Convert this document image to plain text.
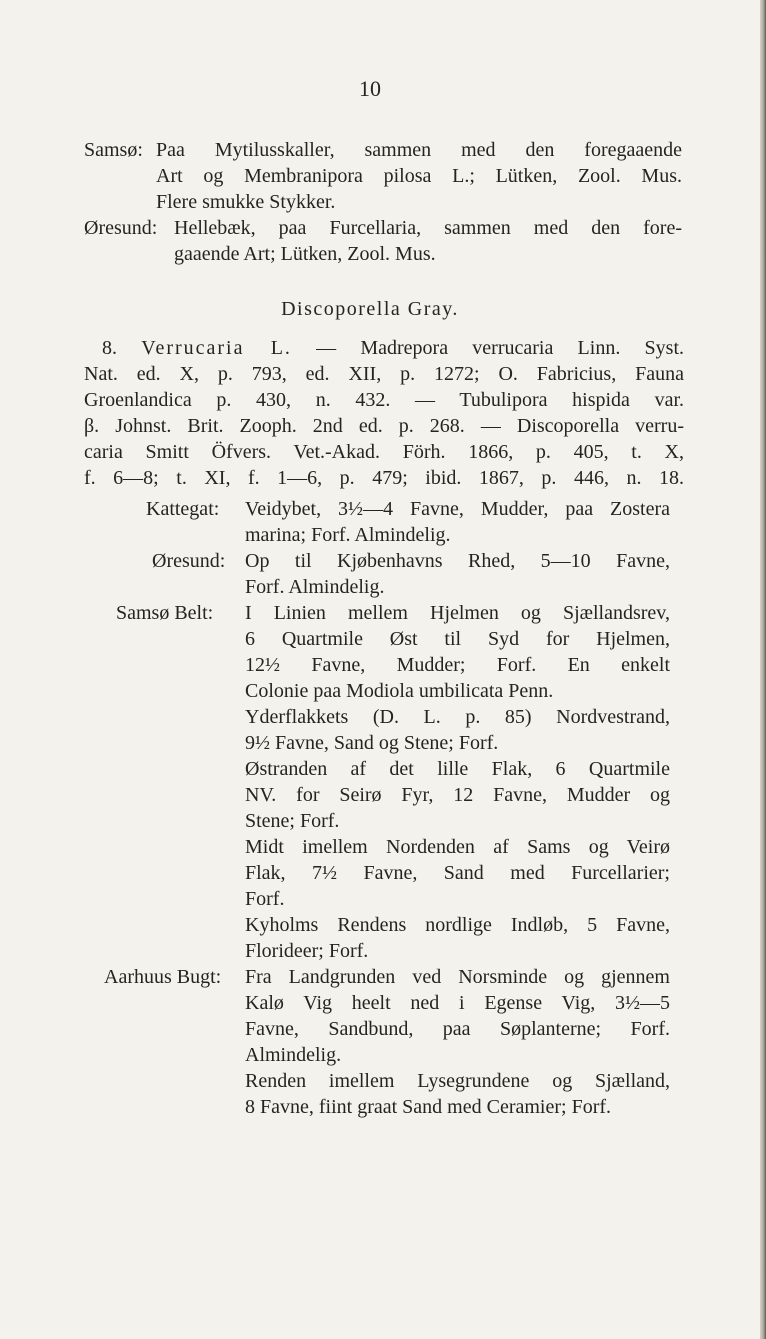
10
Samsø: Paa Mytilusskaller, sammen med den foregaaende
Art og Membranipora pilosa L.; Lütken, Zool. Mus.
Flere smukke Stykker.
Øresund: Hellebæk, paa Furcellaria, sammen med den fore-
gaaende Art; Lütken, Zool. Mus.
Discoporella Gray.
8. Verrucaria L. — Madrepora verrucaria Linn. Syst.
Nat. ed. X, p. 793, ed. XII, p. 1272; O. Fabricius, Fauna
Groenlandica p. 430, n. 432. — Tubulipora hispida var.
β. Johnst. Brit. Zooph. 2nd ed. p. 268. — Discoporella verru-
caria Smitt Öfvers. Vet.-Akad. Förh. 1866, p. 405, t. X,
f. 6—8; t. XI, f. 1—6, p. 479; ibid. 1867, p. 446, n. 18.
Kattegat: Veidybet, 3½—4 Favne, Mudder, paa Zostera
marina; Forf. Almindelig.
Øresund: Op til Kjøbenhavns Rhed, 5—10 Favne,
Forf. Almindelig.
Samsø Belt: I Linien mellem Hjelmen og Sjællandsrev,
6 Quartmile Øst til Syd for Hjelmen,
12½ Favne, Mudder; Forf. En enkelt
Colonie paa Modiola umbilicata Penn.
Yderflakkets (D. L. p. 85) Nordvestrand,
9½ Favne, Sand og Stene; Forf.
Østranden af det lille Flak, 6 Quartmile
NV. for Seirø Fyr, 12 Favne, Mudder og
Stene; Forf.
Midt imellem Nordenden af Sams og Veirø
Flak, 7½ Favne, Sand med Furcellarier;
Forf.
Kyholms Rendens nordlige Indløb, 5 Favne,
Florideer; Forf.
Aarhuus Bugt: Fra Landgrunden ved Norsminde og gjennem
Kalø Vig heelt ned i Egense Vig, 3½—5
Favne, Sandbund, paa Søplanterne; Forf.
Almindelig.
Renden imellem Lysegrundene og Sjælland,
8 Favne, fiint graat Sand med Ceramier; Forf.
